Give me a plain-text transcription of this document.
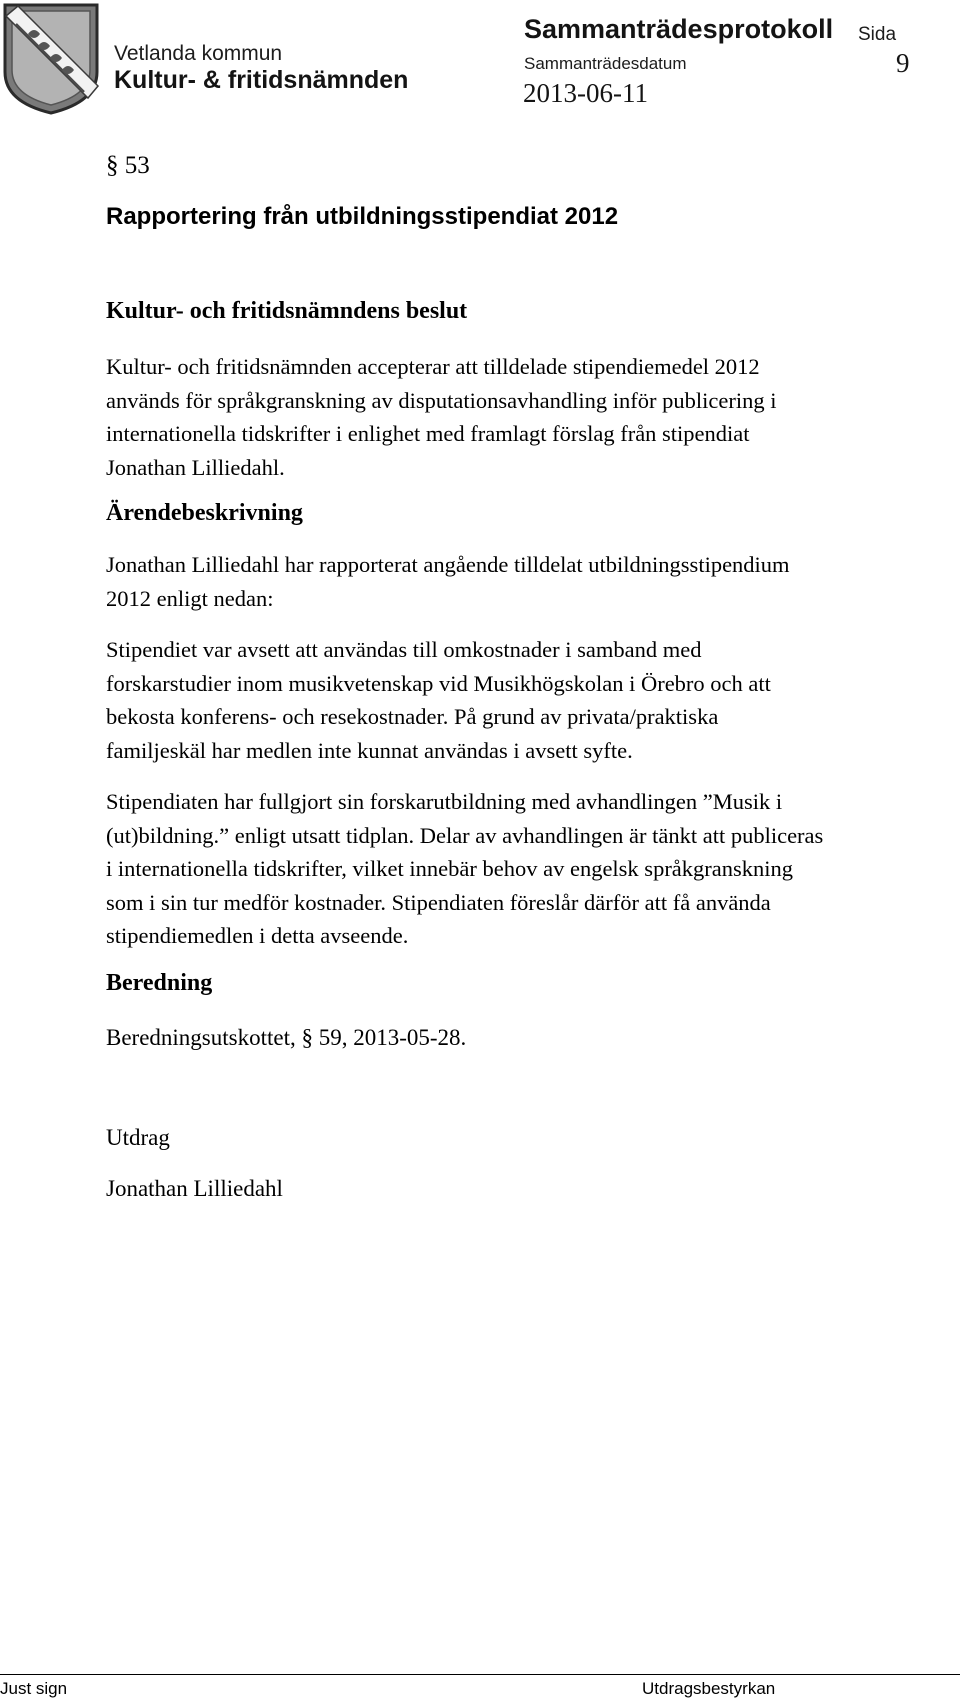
Vetlanda kommun

Kultur- & fritidsnämnden

Sammanträdesprotokoll

Sammanträdesdatum

2013-06-11

Sida

9

§ 53

Rapportering från utbildningsstipendiat 2012
Kultur- och fritidsnämndens beslut

Kultur- och fritidsnämnden accepterar att tilldelade stipendiemedel 2012
används för språkgranskning av disputationsavhandling inför publicering i
internationella tidskrifter i enlighet med framlagt förslag från stipendiat
Jonathan Lilliedahl.

Ärendebeskrivning

Jonathan Lilliedahl har rapporterat angående tilldelat utbildningsstipendium
2012 enligt nedan:

Stipendiet var avsett att användas till omkostnader i samband med
forskarstudier inom musikvetenskap vid Musikhögskolan i Örebro och att
bekosta konferens- och resekostnader. På grund av privata/praktiska
familjeskäl har medlen inte kunnat användas i avsett syfte.

Stipendiaten har fullgjort sin forskarutbildning med avhandlingen ”Musik i
(ut)bildning.” enligt utsatt tidplan. Delar av avhandlingen är tänkt att publiceras
i internationella tidskrifter, vilket innebär behov av engelsk språkgranskning
som i sin tur medför kostnader. Stipendiaten föreslår därför att få använda
stipendiemedlen i detta avseende.

Beredning

Beredningsutskottet, § 59, 2013-05-28.

Utdrag

Jonathan Lilliedahl

Just sign	Utdragsbestyrkan
